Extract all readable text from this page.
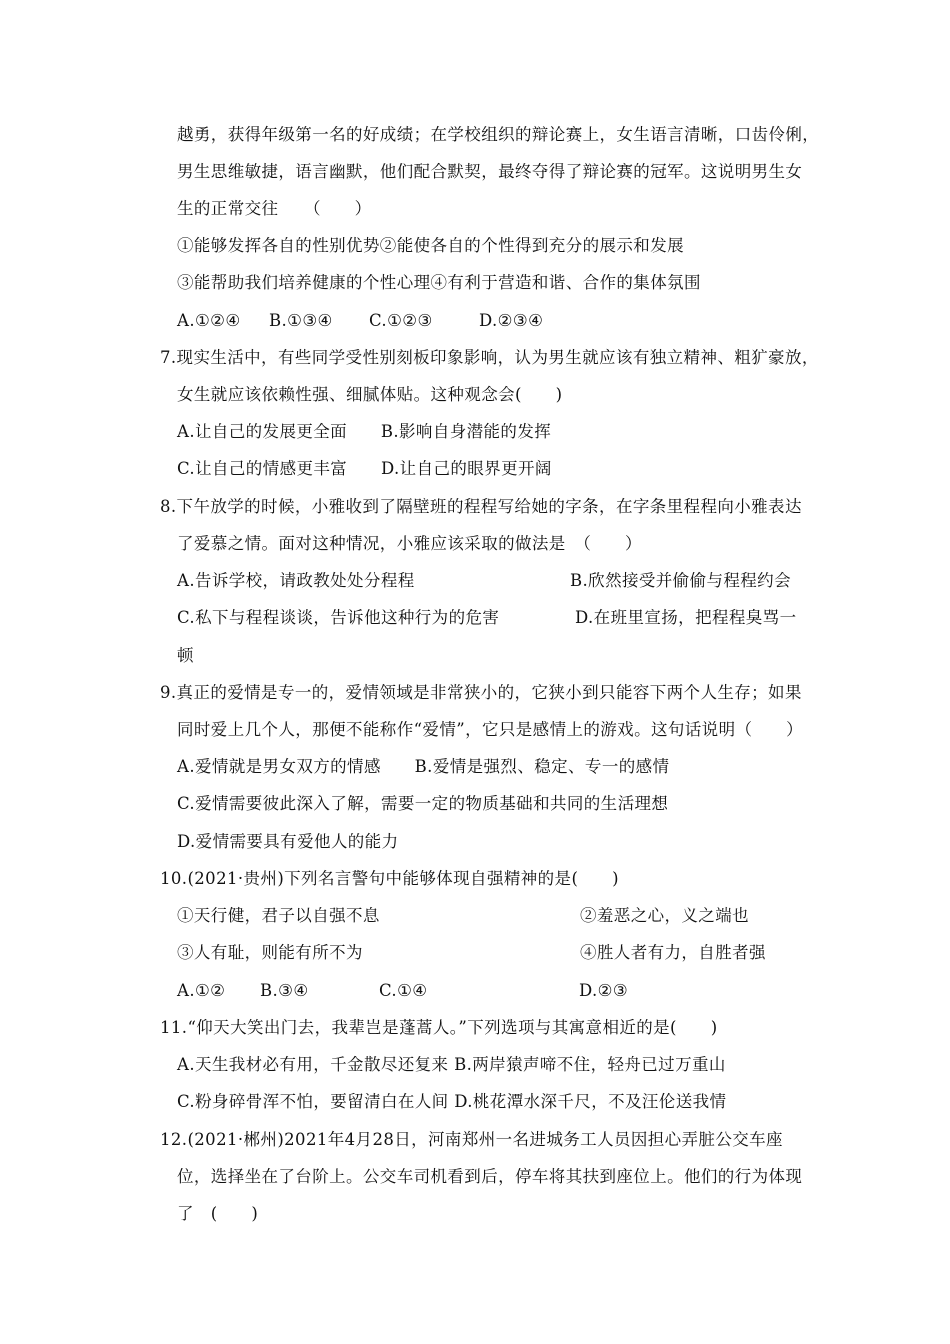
越勇，获得年级第一名的好成绩；在学校组织的辩论赛上，女生语言清晰，口齿伶俐，
男生思维敏捷，语言幽默，他们配合默契，最终夺得了辩论赛的冠军。这说明男生女
生的正常交往　　（　　）
①能够发挥各自的性别优势②能使各自的个性得到充分的展示和发展
③能帮助我们培养健康的个性心理④有利于营造和谐、合作的集体氛围
A.①②④ B.①③④ C.①②③	D.②③④
7.现实生活中，有些同学受性别刻板印象影响，认为男生就应该有独立精神、粗犷豪放，
女生就应该依赖性强、细腻体贴。这种观念会(　　)
A.让自己的发展更全面　　B.影响自身潜能的发挥
C.让自己的情感更丰富　　D.让自己的眼界更开阔
8.下午放学的时候，小雅收到了隔壁班的程程写给她的字条，在字条里程程向小雅表达
了爱慕之情。面对这种情况，小雅应该采取的做法是　（　　）
A.告诉学校，请政教处处分程程	B.欣然接受并偷偷与程程约会
C.私下与程程谈谈，告诉他这种行为的危害	D.在班里宣扬，把程程臭骂一
顿
9.真正的爱情是专一的，爱情领域是非常狭小的，它狭小到只能容下两个人生存；如果
同时爱上几个人，那便不能称作“爱情”，它只是感情上的游戏。这句话说明（　　）
A.爱情就是男女双方的情感　　B.爱情是强烈、稳定、专一的感情
C.爱情需要彼此深入了解，需要一定的物质基础和共同的生活理想
D.爱情需要具有爱他人的能力
10.(2021·贵州)下列名言警句中能够体现自强精神的是(　　)
①天行健，君子以自强不息	②羞恶之心，义之端也
③人有耻，则能有所不为	④胜人者有力，自胜者强
A.①② B.③④	C.①④	D.②③
11.“仰天大笑出门去，我辈岂是蓬蒿人。”下列选项与其寓意相近的是(　　)
A.天生我材必有用，千金散尽还复来 B.两岸猿声啼不住，轻舟已过万重山
C.粉身碎骨浑不怕，要留清白在人间 D.桃花潭水深千尺，不及汪伦送我情
12.(2021·郴州)2021年4月28日，河南郑州一名进城务工人员因担心弄脏公交车座
位，选择坐在了台阶上。公交车司机看到后，停车将其扶到座位上。他们的行为体现
了　(　　)
